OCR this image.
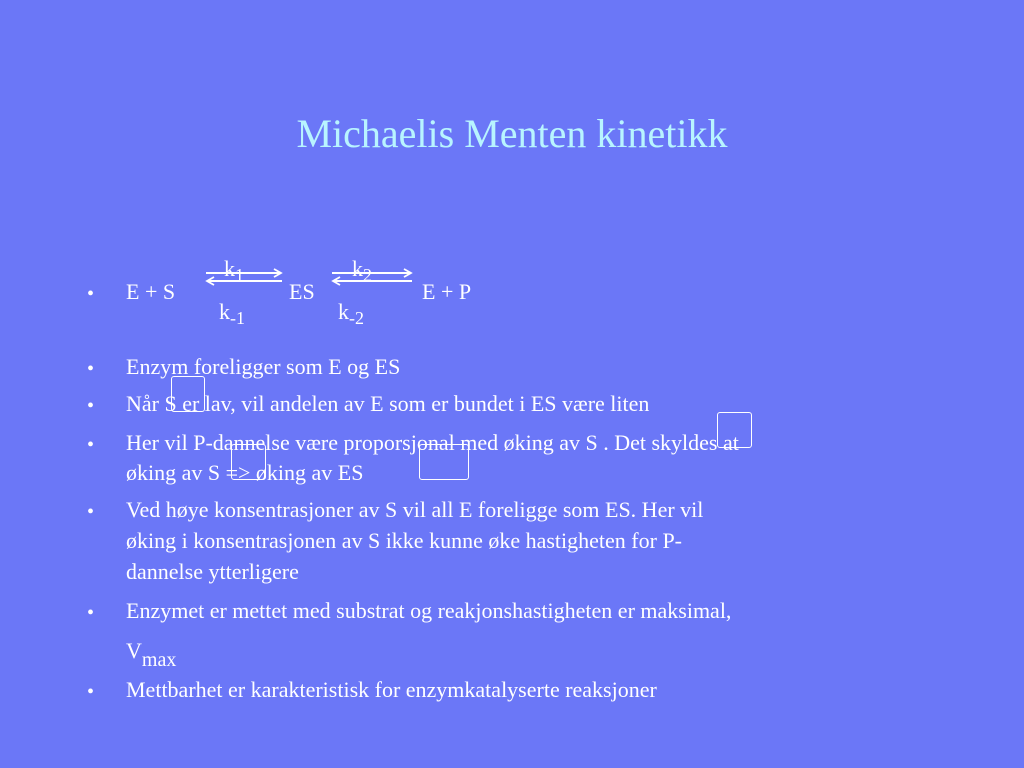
Michaelis Menten kinetikk
• E + S
$k_1$
$k_{-1}$
ES
$k_2$
$k_{-2}$
E + P
• Enzym foreligger som E og ES
• Når S er lav, vil andelen av E som er bundet i ES være liten
• Her vil P-dannelse være proporsjonal med øking av S . Det skyldes at
øking av S => øking av ES
• Ved høye konsentrasjoner av S vil all E foreligge som ES. Her vil
øking i konsentrasjonen av S ikke kunne øke hastigheten for P-
dannelse ytterligere
• Enzymet er mettet med substrat og reakjonshastigheten er maksimal,
Vmax
• Mettbarhet er karakteristisk for enzymkatalyserte reaksjoner
